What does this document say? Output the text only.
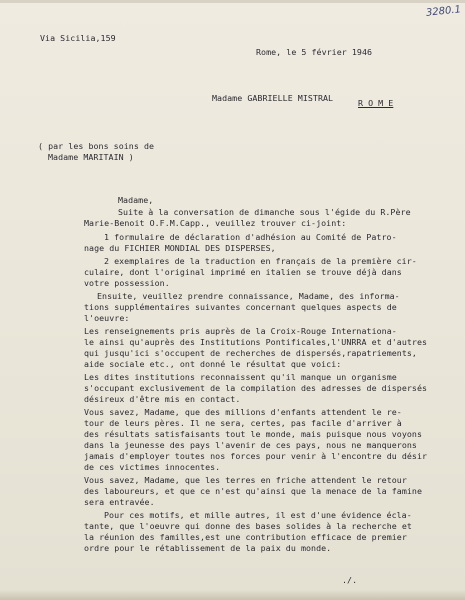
3280.1
Via Sicilia,159
Rome, le 5 février 1946
Madame GABRIELLE MISTRAL	R O M E
( par les bons soins de
Madame MARITAIN )
Madame,
Suite à la conversation de dimanche sous l'égide du R.Père
Marie-Benoit O.F.M.Capp., veuillez trouver ci-joint:
1 formulaire de déclaration d'adhésion au Comité de Patro-
nage du FICHIER MONDIAL DES DISPERSES,
2 exemplaires de la traduction en français de la première cir-
culaire, dont l'original imprimé en italien se trouve déjà dans
votre possession.
Ensuite, veuillez prendre connaissance, Madame, des informa-
tions supplémentaires suivantes concernant quelques aspects de
l'oeuvre:
Les renseignements pris auprès de la Croix-Rouge Internationa-
le ainsi qu'auprès des Institutions Pontificales,l'UNRRA et d'autres
qui jusqu'ici s'occupent de recherches de dispersés,rapatriements,
aide sociale etc., ont donné le résultat que voici:
Les dites institutions reconnaissent qu'il manque un organisme
s'occupant exclusivement de la compilation des adresses de dispersés
désireux d'être mis en contact.
Vous savez, Madame, que des millions d'enfants attendent le re-
tour de leurs pères. Il ne sera, certes, pas facile d'arriver à
des résultats satisfaisants tout le monde, mais puisque nous voyons
dans la jeunesse des pays l'avenir de ces pays, nous ne manquerons
jamais d'employer toutes nos forces pour venir à l'encontre du désir
de ces victimes innocentes.
Vous savez, Madame, que les terres en friche attendent le retour
des laboureurs, et que ce n'est qu'ainsi que la menace de la famine
sera entravée.
Pour ces motifs, et mille autres, il est d'une évidence écla-
tante, que l'oeuvre qui donne des bases solides à la recherche et
la réunion des familles,est une contribution efficace de premier
ordre pour le rétablissement de la paix du monde.
./.
